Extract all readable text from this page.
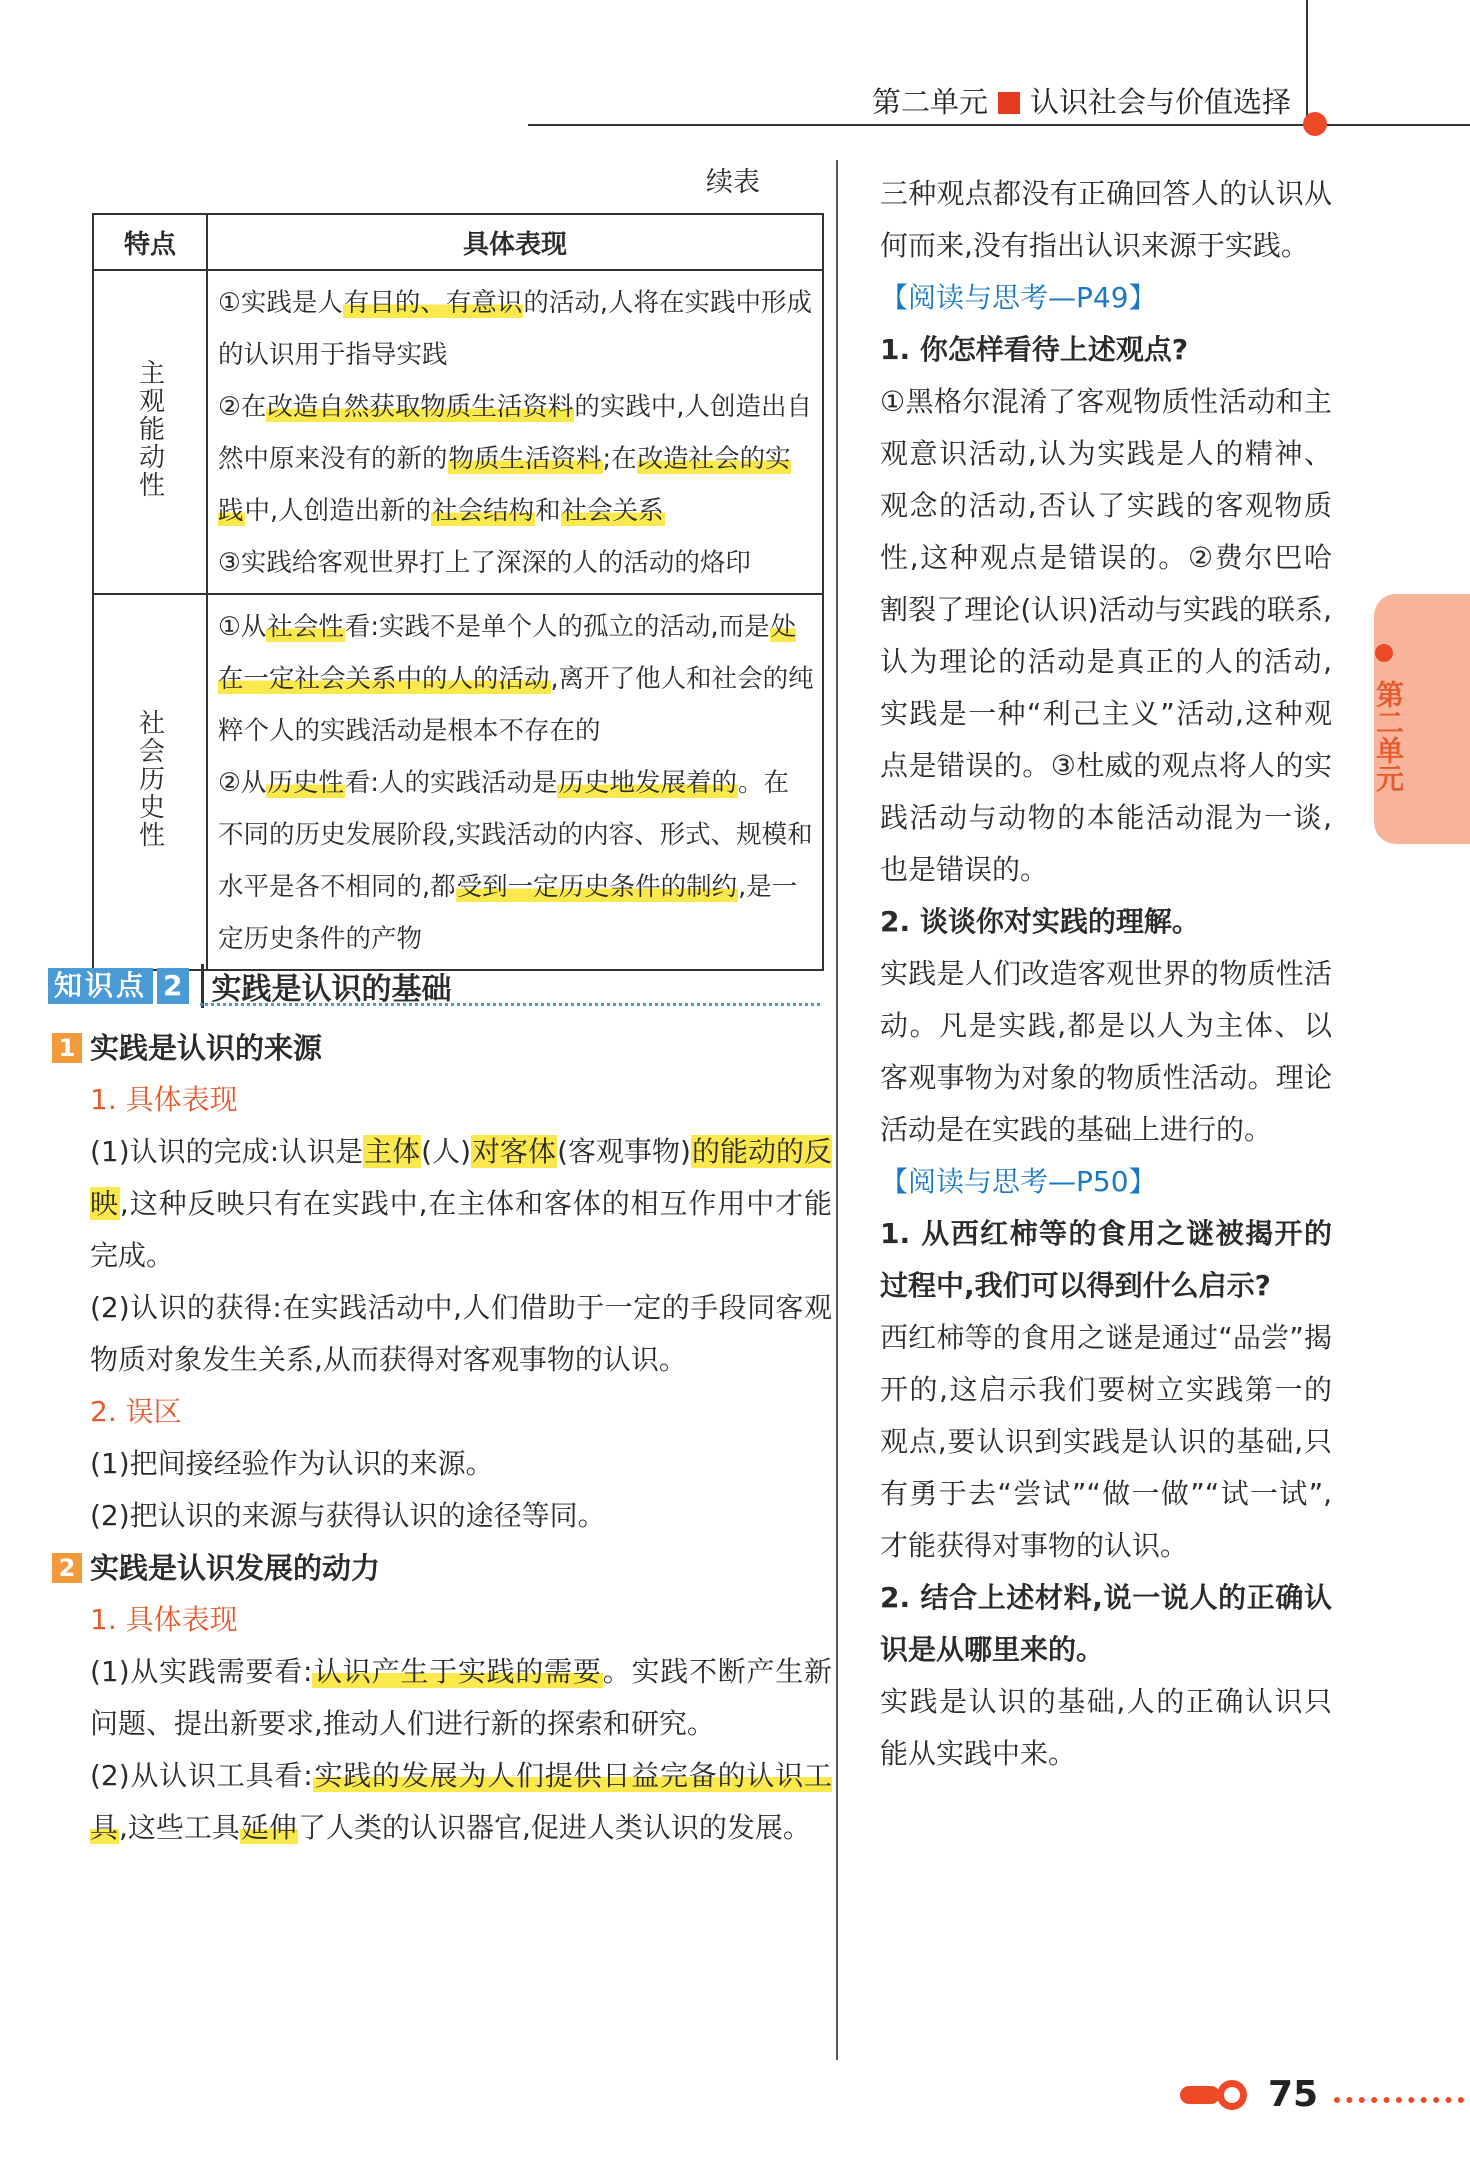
第二单元 认识社会与价值选择
续表
特点	具体表现
主观能动性	①实践是人有目的、有意识的活动,人将在实践中形成的认识用于指导实践
②在改造自然获取物质生活资料的实践中,人创造出自然中原来没有的新的物质生活资料;在改造社会的实践中,人创造出新的社会结构和社会关系
③实践给客观世界打上了深深的人的活动的烙印
社会历史性	①从社会性看:实践不是单个人的孤立的活动,而是处在一定社会关系中的人的活动,离开了他人和社会的纯粹个人的实践活动是根本不存在的
②从历史性看:人的实践活动是历史地发展着的。在不同的历史发展阶段,实践活动的内容、形式、规模和水平是各不相同的,都受到一定历史条件的制约,是一定历史条件的产物
知识点 2 实践是认识的基础
1 实践是认识的来源
1. 具体表现
(1)认识的完成:认识是主体(人)对客体(客观事物)的能动的反映,这种反映只有在实践中,在主体和客体的相互作用中才能完成。
(2)认识的获得:在实践活动中,人们借助于一定的手段同客观物质对象发生关系,从而获得对客观事物的认识。
2. 误区
(1)把间接经验作为认识的来源。
(2)把认识的来源与获得认识的途径等同。
2 实践是认识发展的动力
1. 具体表现
(1)从实践需要看:认识产生于实践的需要。实践不断产生新问题、提出新要求,推动人们进行新的探索和研究。
(2)从认识工具看:实践的发展为人们提供日益完备的认识工具,这些工具延伸了人类的认识器官,促进人类认识的发展。
三种观点都没有正确回答人的认识从何而来,没有指出认识来源于实践。
【阅读与思考—P49】
1. 你怎样看待上述观点?
①黑格尔混淆了客观物质性活动和主观意识活动,认为实践是人的精神、观念的活动,否认了实践的客观物质性,这种观点是错误的。②费尔巴哈割裂了理论(认识)活动与实践的联系,认为理论的活动是真正的人的活动,实践是一种“利己主义”活动,这种观点是错误的。③杜威的观点将人的实践活动与动物的本能活动混为一谈,也是错误的。
2. 谈谈你对实践的理解。
实践是人们改造客观世界的物质性活动。凡是实践,都是以人为主体、以客观事物为对象的物质性活动。理论活动是在实践的基础上进行的。
【阅读与思考—P50】
1. 从西红柿等的食用之谜被揭开的过程中,我们可以得到什么启示?
西红柿等的食用之谜是通过“品尝”揭开的,这启示我们要树立实践第一的观点,要认识到实践是认识的基础,只有勇于去“尝试”“做一做”“试一试”,才能获得对事物的认识。
2. 结合上述材料,说一说人的正确认识是从哪里来的。
实践是认识的基础,人的正确认识只能从实践中来。
第二单元
75
